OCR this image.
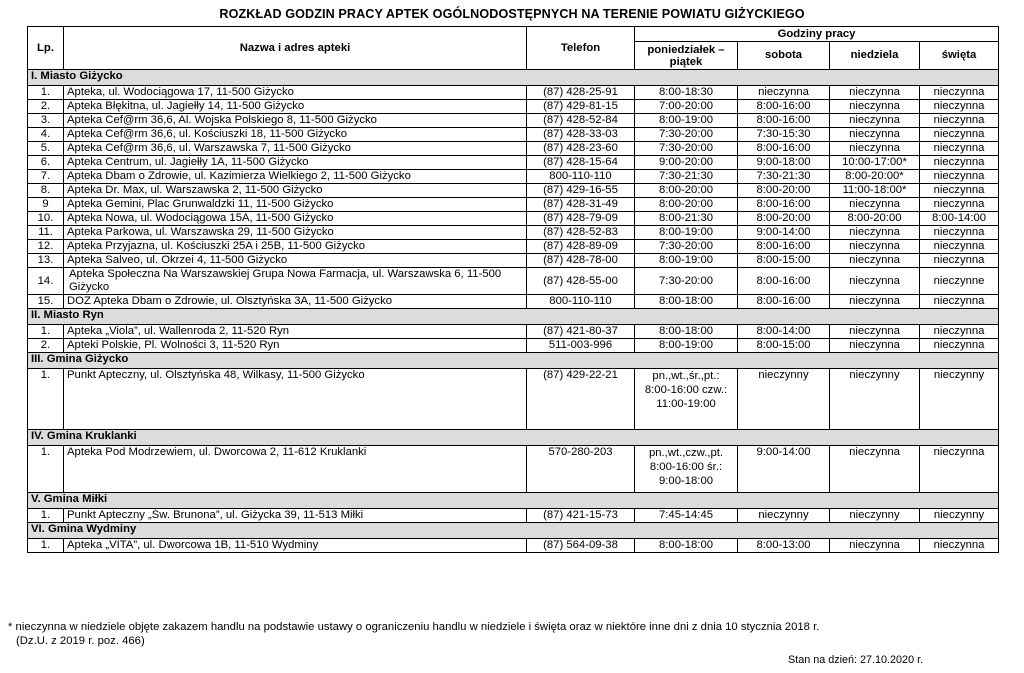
ROZKŁAD GODZIN PRACY APTEK OGÓLNODOSTĘPNYCH NA TERENIE POWIATU GIŻYCKIEGO
Lp.	Nazwa i adres apteki	Telefon	Godziny pracy			
			poniedziałek – piątek	sobota	niedziela	święta
I. Miasto Giżycko						
1.	Apteka, ul. Wodociągowa 17, 11-500 Giżycko	(87) 428-25-91	8:00-18:30	nieczynna	nieczynna	nieczynna
2.	Apteka Błękitna, ul. Jagiełły 14, 11-500 Giżycko	(87) 429-81-15	7:00-20:00	8:00-16:00	nieczynna	nieczynna
3.	Apteka Cef@rm 36,6, Al. Wojska Polskiego 8, 11-500 Giżycko	(87) 428-52-84	8:00-19:00	8:00-16:00	nieczynna	nieczynna
4.	Apteka Cef@rm 36,6, ul. Kościuszki 18, 11-500 Giżycko	(87) 428-33-03	7:30-20:00	7:30-15:30	nieczynna	nieczynna
5.	Apteka Cef@rm 36,6, ul. Warszawska 7, 11-500 Giżycko	(87) 428-23-60	7:30-20:00	8:00-16:00	nieczynna	nieczynna
6.	Apteka Centrum, ul. Jagiełły 1A, 11-500 Giżycko	(87) 428-15-64	9:00-20:00	9:00-18:00	10:00-17:00*	nieczynna
7.	Apteka Dbam o Zdrowie, ul. Kazimierza Wielkiego 2, 11-500 Giżycko	800-110-110	7:30-21:30	7:30-21:30	8:00-20:00*	nieczynna
8.	Apteka Dr. Max, ul. Warszawska 2, 11-500 Giżycko	(87) 429-16-55	8:00-20:00	8:00-20:00	11:00-18:00*	nieczynna
9	Apteka Gemini, Plac Grunwaldzki 11, 11-500 Giżycko	(87) 428-31-49	8:00-20:00	8:00-16:00	nieczynna	nieczynna
10.	Apteka Nowa, ul. Wodociągowa 15A, 11-500 Giżycko	(87) 428-79-09	8:00-21:30	8:00-20:00	8:00-20:00	8:00-14:00
11.	Apteka Parkowa, ul. Warszawska 29, 11-500 Giżycko	(87) 428-52-83	8:00-19:00	9:00-14:00	nieczynna	nieczynna
12.	Apteka Przyjazna, ul. Kościuszki 25A i 25B, 11-500 Giżycko	(87) 428-89-09	7:30-20:00	8:00-16:00	nieczynna	nieczynna
13.	Apteka Salveo, ul. Okrzei 4, 11-500 Giżycko	(87) 428-78-00	8:00-19:00	8:00-15:00	nieczynna	nieczynna
14.	Apteka Społeczna Na Warszawskiej Grupa Nowa Farmacja, ul. Warszawska 6, 11-500 Giżycko	(87) 428-55-00	7:30-20:00	8:00-16:00	nieczynna	nieczynne
15.	DOZ Apteka Dbam o Zdrowie, ul. Olsztyńska 3A, 11-500 Giżycko	800-110-110	8:00-18:00	8:00-16:00	nieczynna	nieczynna
II. Miasto Ryn						
1.	Apteka „Viola”, ul. Wallenroda 2, 11-520 Ryn	(87) 421-80-37	8:00-18:00	8:00-14:00	nieczynna	nieczynna
2.	Apteki Polskie, Pl. Wolności 3, 11-520 Ryn	511-003-996	8:00-19:00	8:00-15:00	nieczynna	nieczynna
III. Gmina Giżycko						
1.	Punkt Apteczny, ul. Olsztyńska 48, Wilkasy, 11-500 Giżycko	(87) 429-22-21	pn.,wt.,śr.,pt.: 8:00-16:00 czw.: 11:00-19:00	nieczynny	nieczynny	nieczynny
IV. Gmina Kruklanki						
1.	Apteka Pod Modrzewiem, ul. Dworcowa 2, 11-612 Kruklanki	570-280-203	pn.,wt.,czw.,pt. 8:00-16:00 śr.: 9:00-18:00	9:00-14:00	nieczynna	nieczynna
V. Gmina Miłki						
1.	Punkt Apteczny „Św. Brunona”, ul. Giżycka 39, 11-513 Miłki	(87) 421-15-73	7:45-14:45	nieczynny	nieczynny	nieczynny
VI. Gmina Wydminy						
1.	Apteka „VITA”, ul. Dworcowa 1B, 11-510 Wydminy	(87) 564-09-38	8:00-18:00	8:00-13:00	nieczynna	nieczynna
* nieczynna w niedziele objęte zakazem handlu na podstawie ustawy o ograniczeniu handlu w niedziele i święta oraz w niektóre inne dni z dnia 10 stycznia 2018 r.
(Dz.U. z 2019 r. poz. 466)
Stan na dzień: 27.10.2020 r.
